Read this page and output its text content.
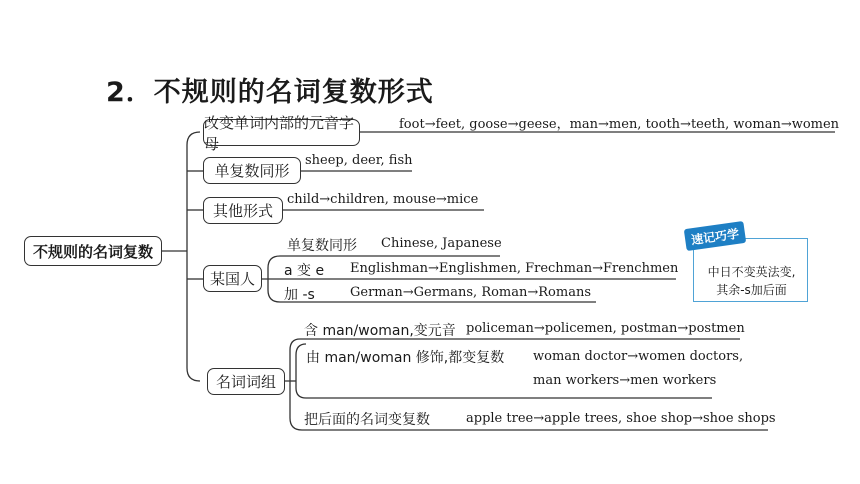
2．不规则的名词复数形式
不规则的名词复数
改变单词内部的元音字母
foot→feet, goose→geese，man→men, tooth→teeth, woman→women
单复数同形
sheep, deer, fish
其他形式
child→children, mouse→mice
某国人
单复数同形 Chinese, Japanese
a 变 e Englishman→Englishmen, Frechman→Frenchmen
加 -s	German→Germans, Roman→Romans
中日不变英法变,
其余-s加后面
速记巧学
名词词组
含 man/woman,变元音 policeman→policemen, postman→postmen
由 man/woman 修饰,都变复数 woman doctor→women doctors,
man workers→men workers
把后面的名词变复数	apple tree→apple trees, shoe shop→shoe shops
